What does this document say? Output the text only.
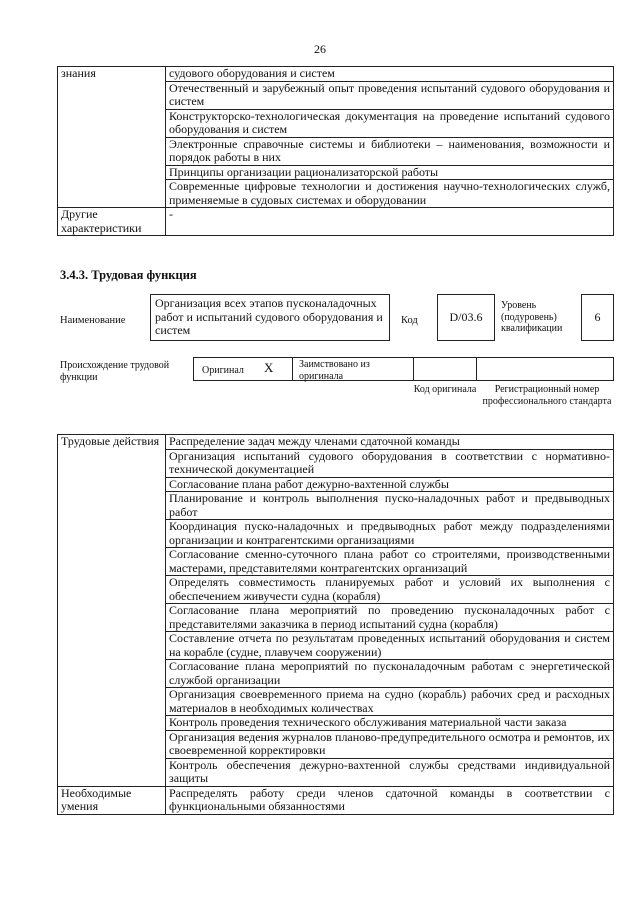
26
знания	судового оборудования и систем
	Отечественный и зарубежный опыт проведения испытаний судового оборудования и систем
	Конструкторско-технологическая документация на проведение испытаний судового оборудования и систем
	Электронные справочные системы и библиотеки – наименования, возможности и порядок работы в них
	Принципы организации рационализаторской работы
	Современные цифровые технологии и достижения научно-технологических служб, применяемые в судовых системах и оборудовании
Другие характеристики	-
3.4.3. Трудовая функция
Наименование
Организация всех этапов пусконаладочных работ и испытаний судового оборудования и систем
Код	D/03.6
Уровень (подуровень) квалификации
6
Происхождение трудовой функции
Оригинал X	Заимствовано из оригинала
Код оригинала	Регистрационный номер профессионального стандарта
Трудовые действия	Распределение задач между членами сдаточной команды
	Организация испытаний судового оборудования в соответствии с нормативно-технической документацией
	Согласование плана работ дежурно-вахтенной службы
	Планирование и контроль выполнения пуско-наладочных работ и предвыводных работ
	Координация пуско-наладочных и предвыводных работ между подразделениями организации и контрагентскими организациями
	Согласование сменно-суточного плана работ со строителями, производственными мастерами, представителями контрагентских организаций
	Определять совместимость планируемых работ и условий их выполнения с обеспечением живучести судна (корабля)
	Согласование плана мероприятий по проведению пусконаладочных работ с представителями заказчика в период испытаний судна (корабля)
	Составление отчета по результатам проведенных испытаний оборудования и систем на корабле (судне, плавучем сооружении)
	Согласование плана мероприятий по пусконаладочным работам с энергетической службой организации
	Организация своевременного приема на судно (корабль) рабочих сред и расходных материалов в необходимых количествах
	Контроль проведения технического обслуживания материальной части заказа
	Организация ведения журналов планово-предупредительного осмотра и ремонтов, их своевременной корректировки
	Контроль обеспечения дежурно-вахтенной службы средствами индивидуальной защиты
Необходимые умения	Распределять работу среди членов сдаточной команды в соответствии с функциональными обязанностями
